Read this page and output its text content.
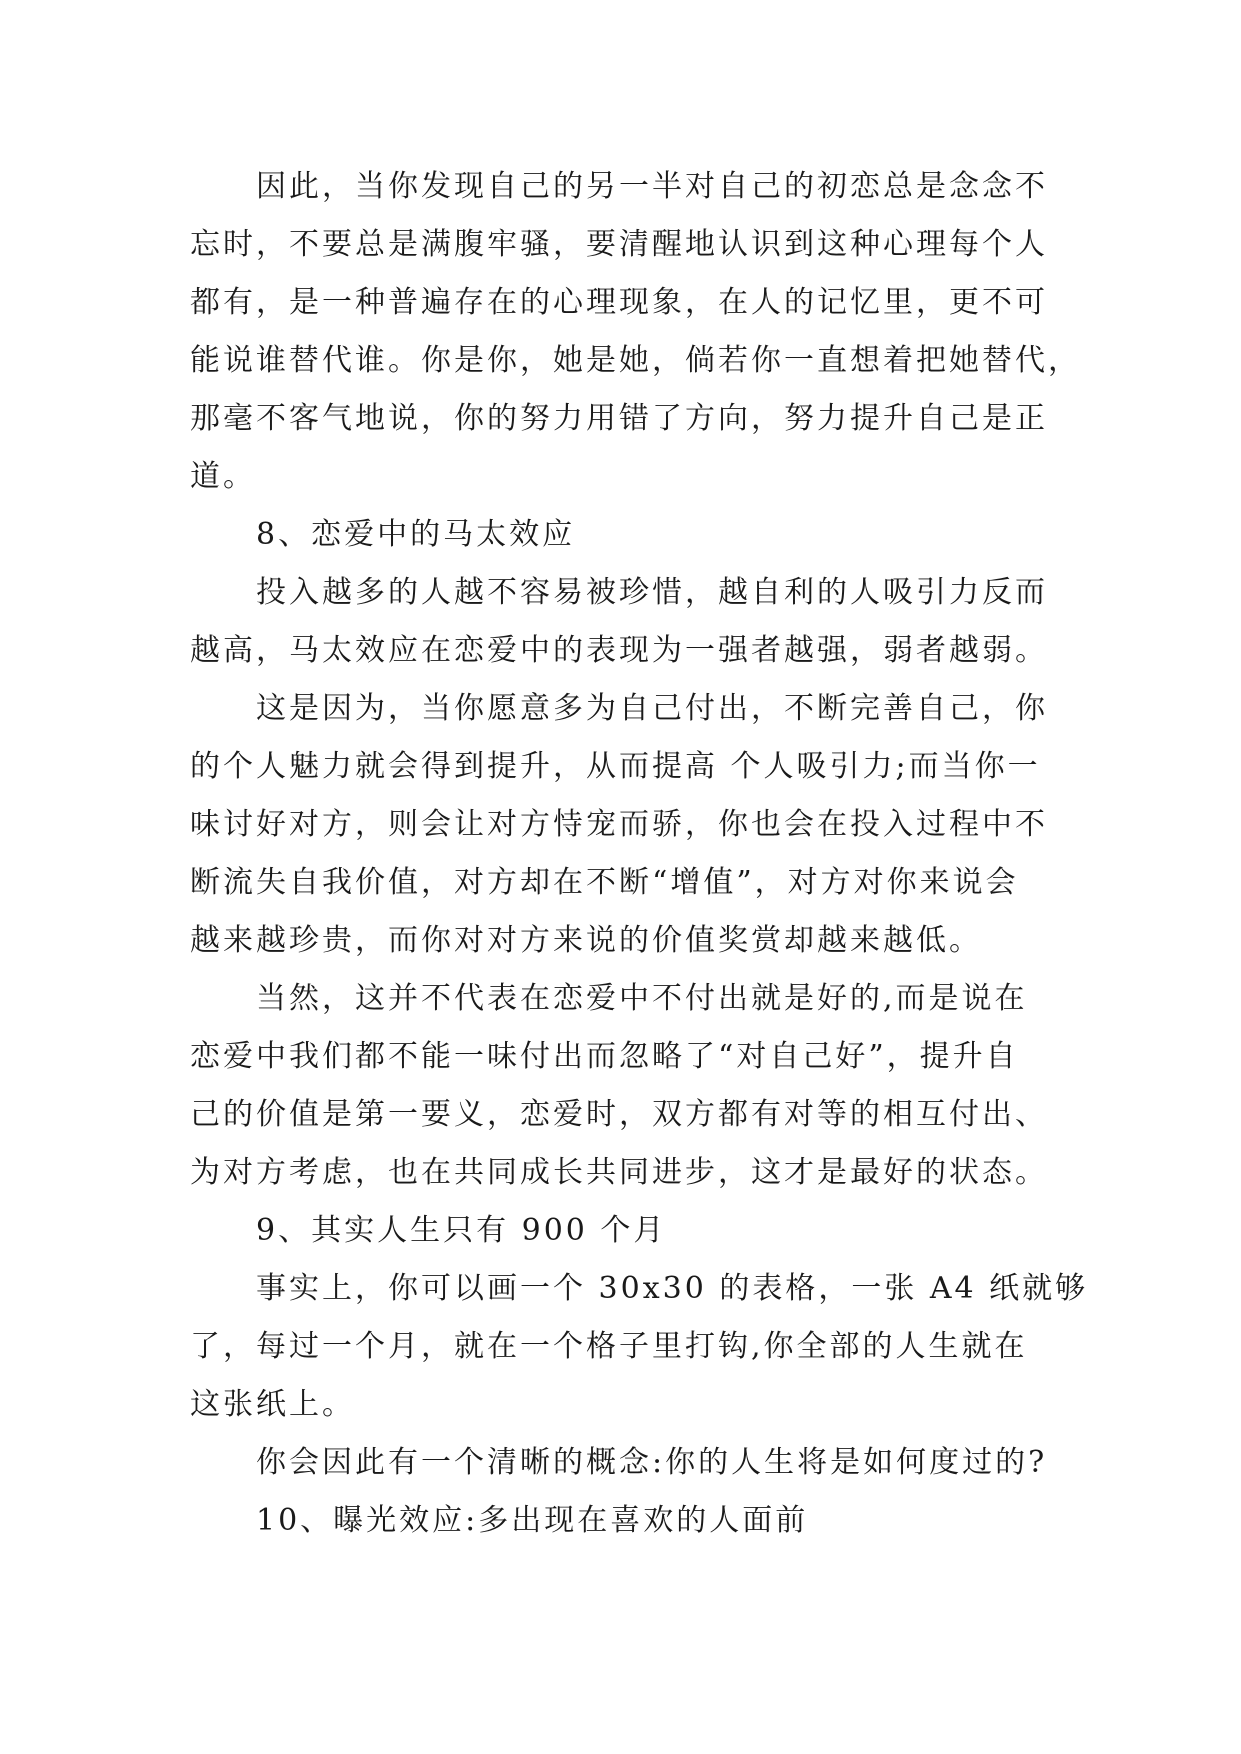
因此，当你发现自己的另一半对自己的初恋总是念念不
忘时，不要总是满腹牢骚，要清醒地认识到这种心理每个人
都有，是一种普遍存在的心理现象，在人的记忆里，更不可
能说谁替代谁。你是你，她是她，倘若你一直想着把她替代，
那毫不客气地说，你的努力用错了方向，努力提升自己是正
道。
8、恋爱中的马太效应
投入越多的人越不容易被珍惜，越自利的人吸引力反而
越高，马太效应在恋爱中的表现为一强者越强，弱者越弱。
这是因为，当你愿意多为自己付出，不断完善自己，你
的个人魅力就会得到提升，从而提高 个人吸引力;而当你一
味讨好对方，则会让对方恃宠而骄，你也会在投入过程中不
断流失自我价值，对方却在不断“增值”，对方对你来说会
越来越珍贵，而你对对方来说的价值奖赏却越来越低。
当然，这并不代表在恋爱中不付出就是好的,而是说在
恋爱中我们都不能一味付出而忽略了“对自己好”，提升自
己的价值是第一要义，恋爱时，双方都有对等的相互付出、
为对方考虑，也在共同成长共同进步，这才是最好的状态。
9、其实人生只有 900 个月
事实上，你可以画一个 30x30 的表格，一张 A4 纸就够
了，每过一个月，就在一个格子里打钩,你全部的人生就在
这张纸上。
你会因此有一个清晰的概念:你的人生将是如何度过的?
10、曝光效应:多出现在喜欢的人面前
